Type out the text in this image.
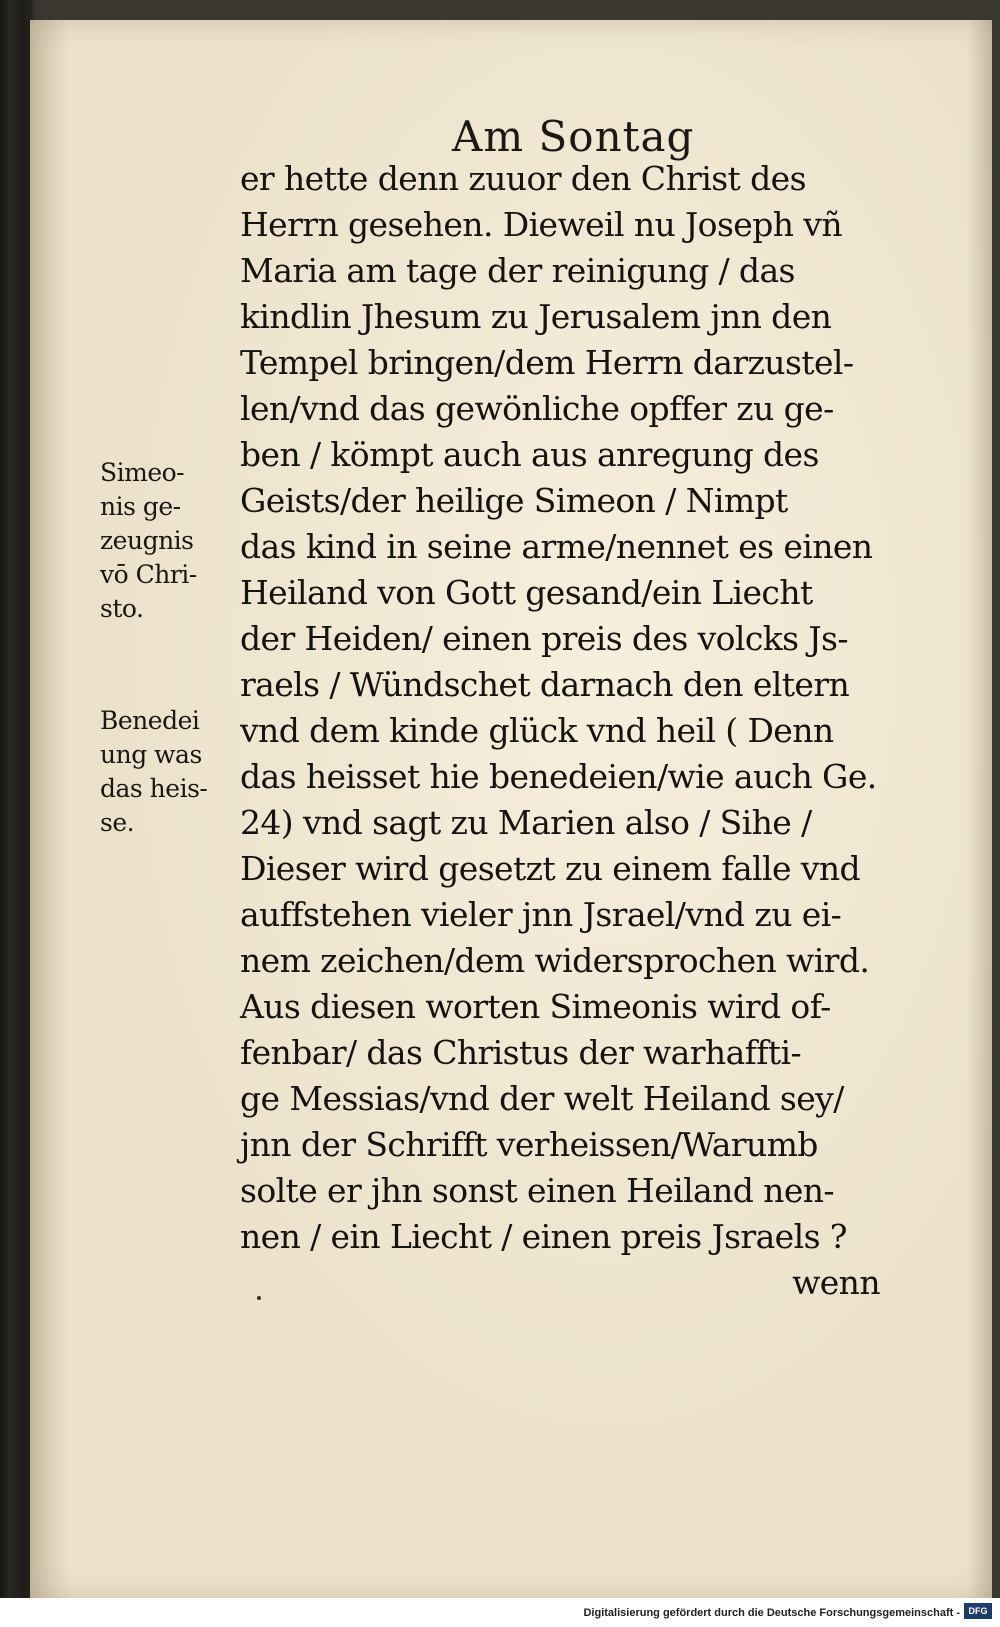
Am Sontag
er hette denn zuuor den Christ des
Herrn gesehen. Dieweil nu Joseph vñ
Maria am tage der reinigung / das
kindlin Jhesum zu Jerusalem jnn den
Tempel bringen/dem Herrn darzustel-
len/vnd das gewönliche opffer zu ge-
ben / kömpt auch aus anregung des
Geists/der heilige Simeon / Nimpt
das kind in seine arme/nennet es einen
Heiland von Gott gesand/ein Liecht
der Heiden/ einen preis des volcks Js-
raels / Wündschet darnach den eltern
vnd dem kinde glück vnd heil ( Denn
das heisset hie benedeien/wie auch Ge.
24) vnd sagt zu Marien also / Sihe /
Dieser wird gesetzt zu einem falle vnd
auffstehen vieler jnn Jsrael/vnd zu ei-
nem zeichen/dem widersprochen wird.
Aus diesen worten Simeonis wird of-
fenbar/ das Christus der warhaffti-
ge Messias/vnd der welt Heiland sey/
jnn der Schrifft verheissen/Warumb
solte er jhn sonst einen Heiland nen-
nen / ein Liecht / einen preis Jsraels ?
wenn
Simeo-
nis ge-
zeugnis
vō Chri-
sto.
Benedei
ung was
das heis-
se.
Digitalisierung gefördert durch die Deutsche Forschungsgemeinschaft - DFG
